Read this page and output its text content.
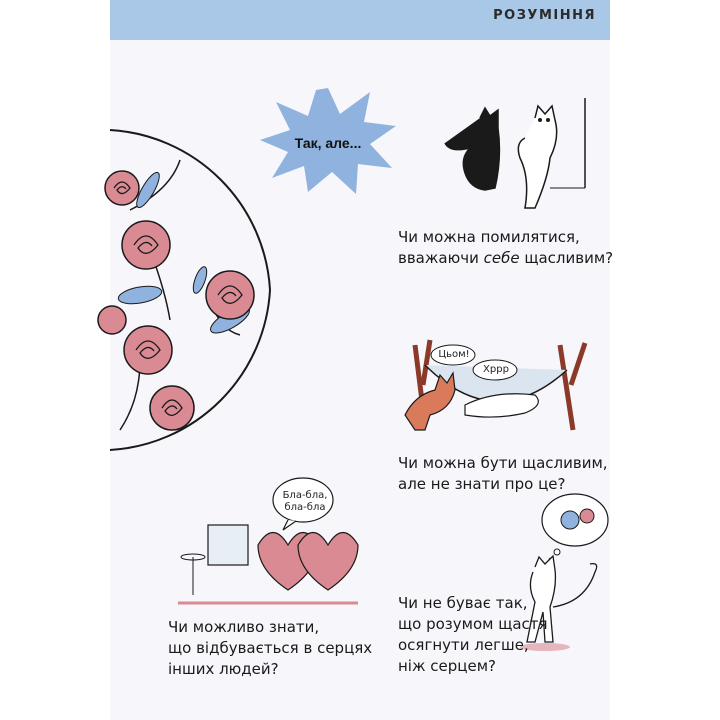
РОЗУМІННЯ
Так, але...
Чи можна помилятися,
вважаючи себе щасливим?
Цьом!
Хррр
Чи можна бути щасливим,
але не знати про це?
Бла-бла,
бла-бла
Чи можливо знати,
що відбувається в серцях
інших людей?
Чи не буває так,
що розумом щастя
осягнути легше,
ніж серцем?
